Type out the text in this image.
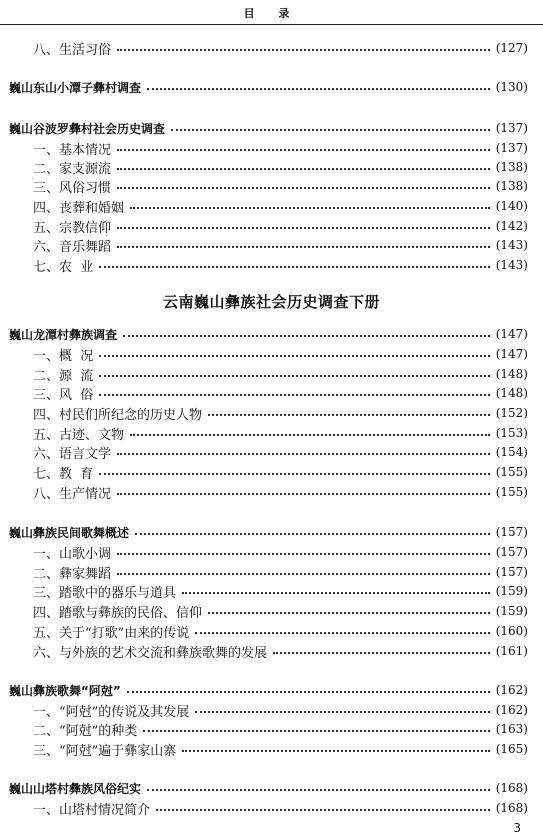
目 录
八、生活习俗	(127)
巍山东山小潭子彝村调查	(130)
巍山谷波罗彝村社会历史调查	(137)
一、基本情况	(137)
二、家支源流	(138)
三、风俗习惯	(138)
四、丧葬和婚姻	(140)
五、宗教信仰	(142)
六、音乐舞蹈	(143)
七、农  业	(143)
云南巍山彝族社会历史调查下册
巍山龙潭村彝族调查	(147)
一、概  况	(147)
二、源  流	(148)
三、风  俗	(148)
四、村民们所纪念的历史人物	(152)
五、古迹、文物	(153)
六、语言文学	(154)
七、教  育	(155)
八、生产情况	(155)
巍山彝族民间歌舞概述	(157)
一、山歌小调	(157)
二、彝家舞蹈	(157)
三、踏歌中的器乐与道具	(159)
四、踏歌与彝族的民俗、信仰	(159)
五、关于“打歌”由来的传说	(160)
六、与外族的艺术交流和彝族歌舞的发展	(161)
巍山彝族歌舞“阿尅”	(162)
一、“阿尅”的传说及其发展	(162)
二、“阿尅”的种类	(163)
三、“阿尅”遍于彝家山寨	(165)
巍山山塔村彝族风俗纪实	(168)
一、山塔村情况简介	(168)
3
